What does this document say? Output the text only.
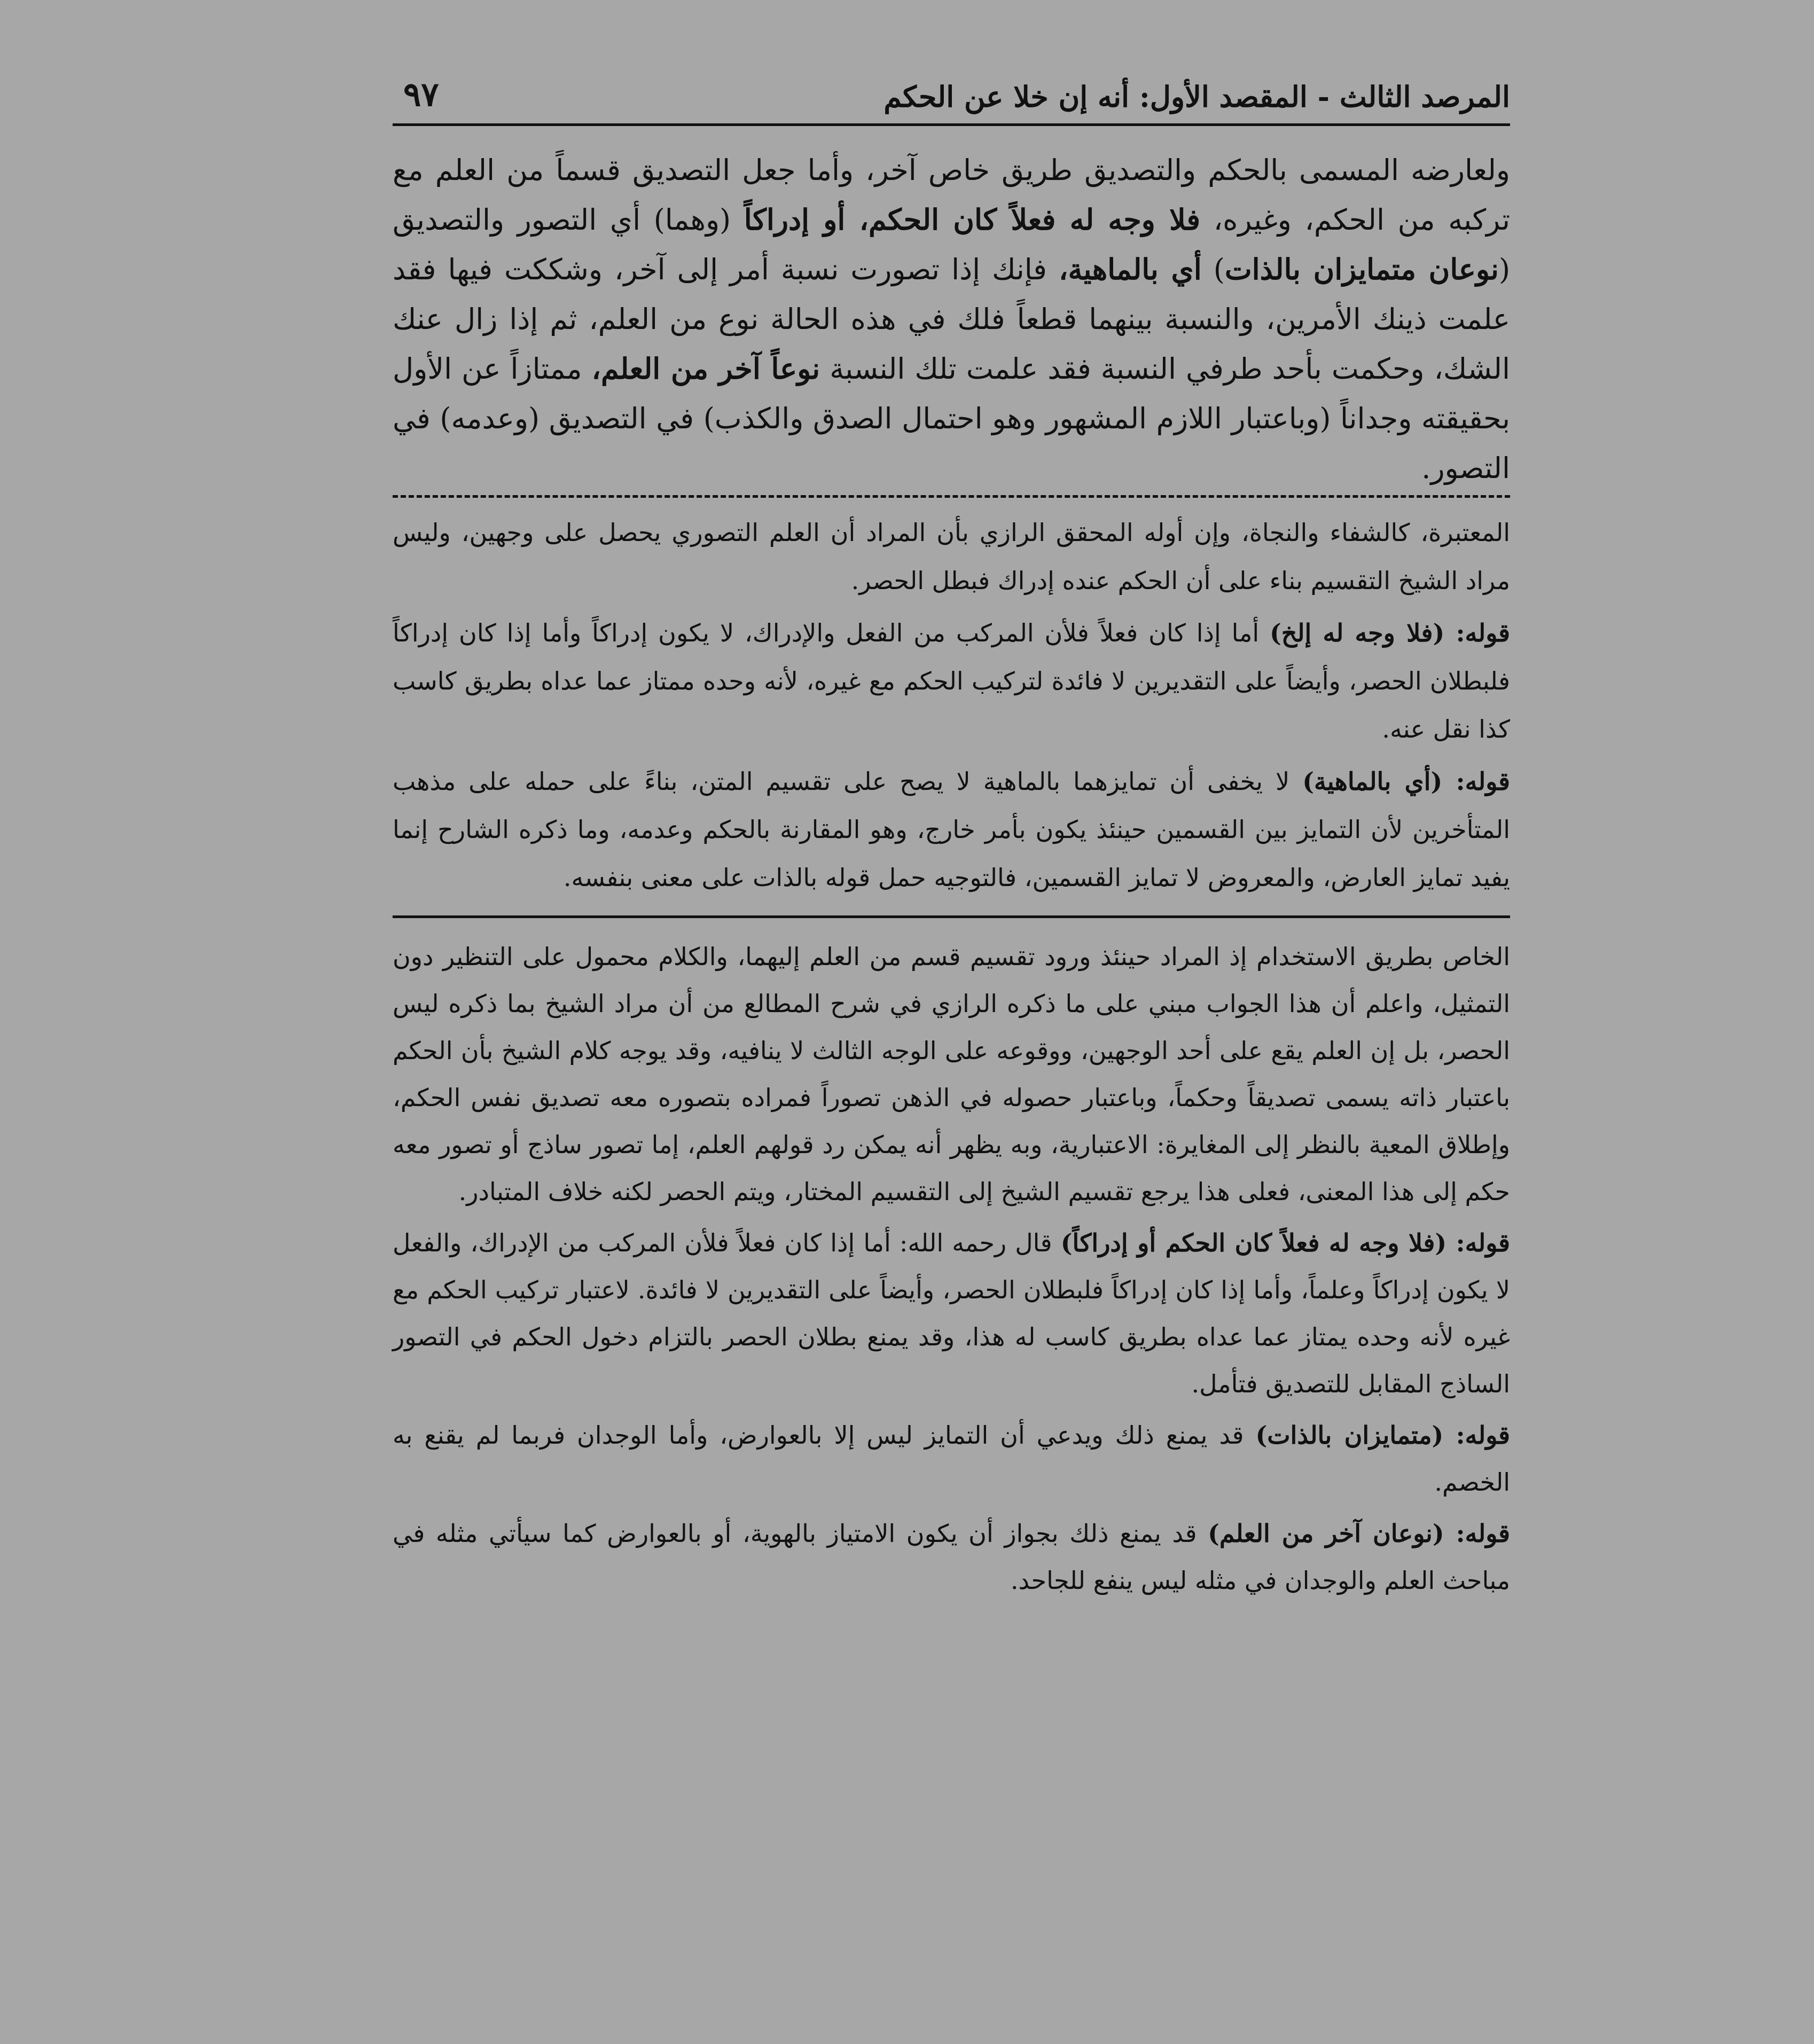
المرصد الثالث - المقصد الأول: أنه إن خلا عن الحكم
٩٧
ولعارضه المسمى بالحكم والتصديق طريق خاص آخر، وأما جعل التصديق قسماً من العلم مع تركبه من الحكم، وغيره، فلا وجه له فعلاً كان الحكم، أو إدراكاً (وهما) أي التصور والتصديق (نوعان متمايزان بالذات) أي بالماهية، فإنك إذا تصورت نسبة أمر إلى آخر، وشككت فيها فقد علمت ذينك الأمرين، والنسبة بينهما قطعاً فلك في هذه الحالة نوع من العلم، ثم إذا زال عنك الشك، وحكمت بأحد طرفي النسبة فقد علمت تلك النسبة نوعاً آخر من العلم، ممتازاً عن الأول بحقيقته وجداناً (وباعتبار اللازم المشهور وهو احتمال الصدق والكذب) في التصديق (وعدمه) في التصور.

المعتبرة، كالشفاء والنجاة، وإن أوله المحقق الرازي بأن المراد أن العلم التصوري يحصل على وجهين، وليس مراد الشيخ التقسيم بناء على أن الحكم عنده إدراك فبطل الحصر.

قوله: (فلا وجه له إلخ) أما إذا كان فعلاً فلأن المركب من الفعل والإدراك، لا يكون إدراكاً وأما إذا كان إدراكاً فلبطلان الحصر، وأيضاً على التقديرين لا فائدة لتركيب الحكم مع غيره، لأنه وحده ممتاز عما عداه بطريق كاسب كذا نقل عنه.

قوله: (أي بالماهية) لا يخفى أن تمايزهما بالماهية لا يصح على تقسيم المتن، بناءً على حمله على مذهب المتأخرين لأن التمايز بين القسمين حينئذ يكون بأمر خارج، وهو المقارنة بالحكم وعدمه، وما ذكره الشارح إنما يفيد تمايز العارض، والمعروض لا تمايز القسمين، فالتوجيه حمل قوله بالذات على معنى بنفسه.

الخاص بطريق الاستخدام إذ المراد حينئذ ورود تقسيم قسم من العلم إليهما، والكلام محمول على التنظير دون التمثيل، واعلم أن هذا الجواب مبني على ما ذكره الرازي في شرح المطالع من أن مراد الشيخ بما ذكره ليس الحصر، بل إن العلم يقع على أحد الوجهين، ووقوعه على الوجه الثالث لا ينافيه، وقد يوجه كلام الشيخ بأن الحكم باعتبار ذاته يسمى تصديقاً وحكماً، وباعتبار حصوله في الذهن تصوراً فمراده بتصوره معه تصديق نفس الحكم، وإطلاق المعية بالنظر إلى المغايرة: الاعتبارية، وبه يظهر أنه يمكن رد قولهم العلم، إما تصور ساذج أو تصور معه حكم إلى هذا المعنى، فعلى هذا يرجع تقسيم الشيخ إلى التقسيم المختار، ويتم الحصر لكنه خلاف المتبادر.

قوله: (فلا وجه له فعلاً كان الحكم أو إدراكاً) قال رحمه الله: أما إذا كان فعلاً فلأن المركب من الإدراك، والفعل لا يكون إدراكاً وعلماً، وأما إذا كان إدراكاً فلبطلان الحصر، وأيضاً على التقديرين لا فائدة. لاعتبار تركيب الحكم مع غيره لأنه وحده يمتاز عما عداه بطريق كاسب له هذا، وقد يمنع بطلان الحصر بالتزام دخول الحكم في التصور الساذج المقابل للتصديق فتأمل.

قوله: (متمايزان بالذات) قد يمنع ذلك ويدعي أن التمايز ليس إلا بالعوارض، وأما الوجدان فربما لم يقنع به الخصم.

قوله: (نوعان آخر من العلم) قد يمنع ذلك بجواز أن يكون الامتياز بالهوية، أو بالعوارض كما سيأتي مثله في مباحث العلم والوجدان في مثله ليس ينفع للجاحد.
